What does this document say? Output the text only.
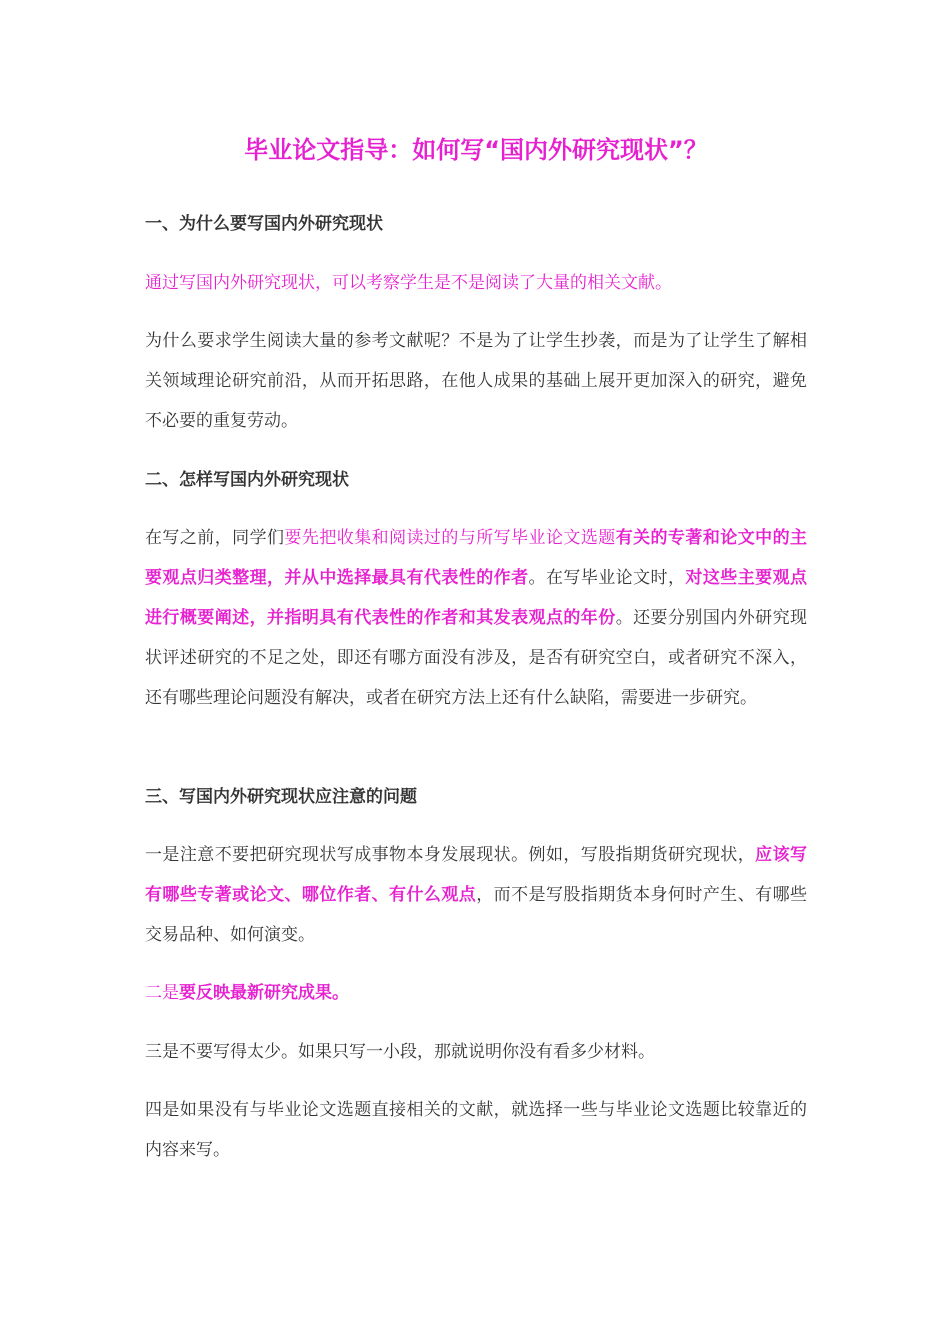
毕业论文指导：如何写“国内外研究现状”？
一、为什么要写国内外研究现状

通过写国内外研究现状，可以考察学生是不是阅读了大量的相关文献。

为什么要求学生阅读大量的参考文献呢？不是为了让学生抄袭，而是为了让学生了解相关领域理论研究前沿，从而开拓思路，在他人成果的基础上展开更加深入的研究，避免不必要的重复劳动。

二、怎样写国内外研究现状

在写之前，同学们要先把收集和阅读过的与所写毕业论文选题有关的专著和论文中的主要观点归类整理，并从中选择最具有代表性的作者。在写毕业论文时，对这些主要观点进行概要阐述，并指明具有代表性的作者和其发表观点的年份。还要分别国内外研究现状评述研究的不足之处，即还有哪方面没有涉及，是否有研究空白，或者研究不深入，还有哪些理论问题没有解决，或者在研究方法上还有什么缺陷，需要进一步研究。

三、写国内外研究现状应注意的问题

一是注意不要把研究现状写成事物本身发展现状。例如，写股指期货研究现状，应该写有哪些专著或论文、哪位作者、有什么观点，而不是写股指期货本身何时产生、有哪些交易品种、如何演变。

二是要反映最新研究成果。

三是不要写得太少。如果只写一小段，那就说明你没有看多少材料。

四是如果没有与毕业论文选题直接相关的文献，就选择一些与毕业论文选题比较靠近的内容来写。
